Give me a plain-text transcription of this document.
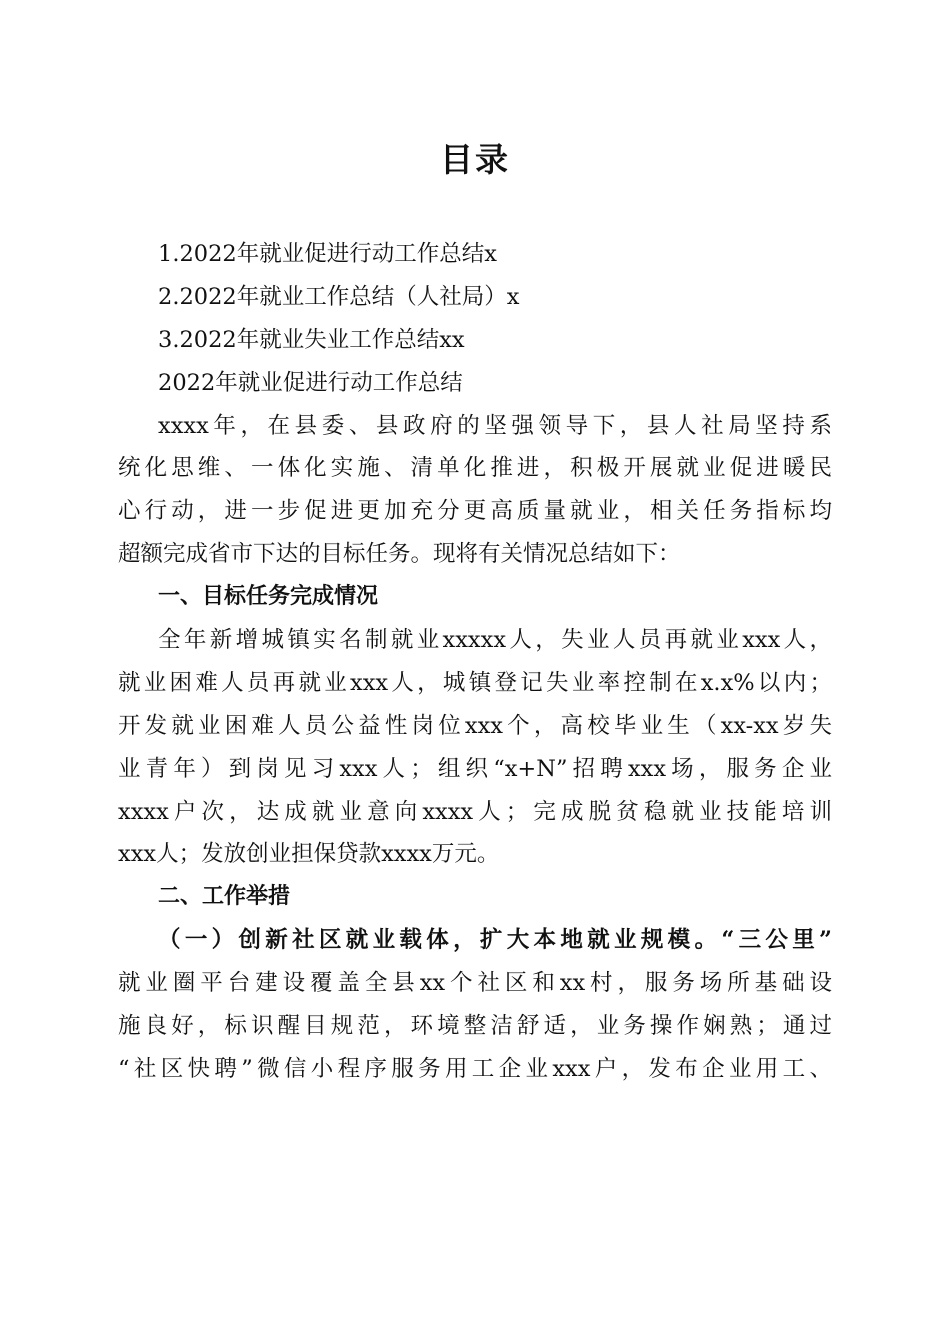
目录
1.2022年就业促进行动工作总结x
2.2022年就业工作总结（人社局）x
3.2022年就业失业工作总结xx
2022年就业促进行动工作总结
xxxx年，在县委、县政府的坚强领导下，县人社局坚持系
统化思维、一体化实施、清单化推进，积极开展就业促进暖民
心行动，进一步促进更加充分更高质量就业，相关任务指标均
超额完成省市下达的目标任务。现将有关情况总结如下：
一、目标任务完成情况
全年新增城镇实名制就业xxxxx人，失业人员再就业xxx人，
就业困难人员再就业xxx人，城镇登记失业率控制在x.x%以内；
开发就业困难人员公益性岗位xxx个，高校毕业生（xx-xx岁失
业青年）到岗见习xxx人；组织“x+N”招聘xxx场，服务企业
xxxx户次，达成就业意向xxxx人；完成脱贫稳就业技能培训
xxx人；发放创业担保贷款xxxx万元。
二、工作举措
（一）创新社区就业载体，扩大本地就业规模。“三公里”
就业圈平台建设覆盖全县xx个社区和xx村，服务场所基础设
施良好，标识醒目规范，环境整洁舒适，业务操作娴熟；通过
“社区快聘”微信小程序服务用工企业xxx户，发布企业用工、
